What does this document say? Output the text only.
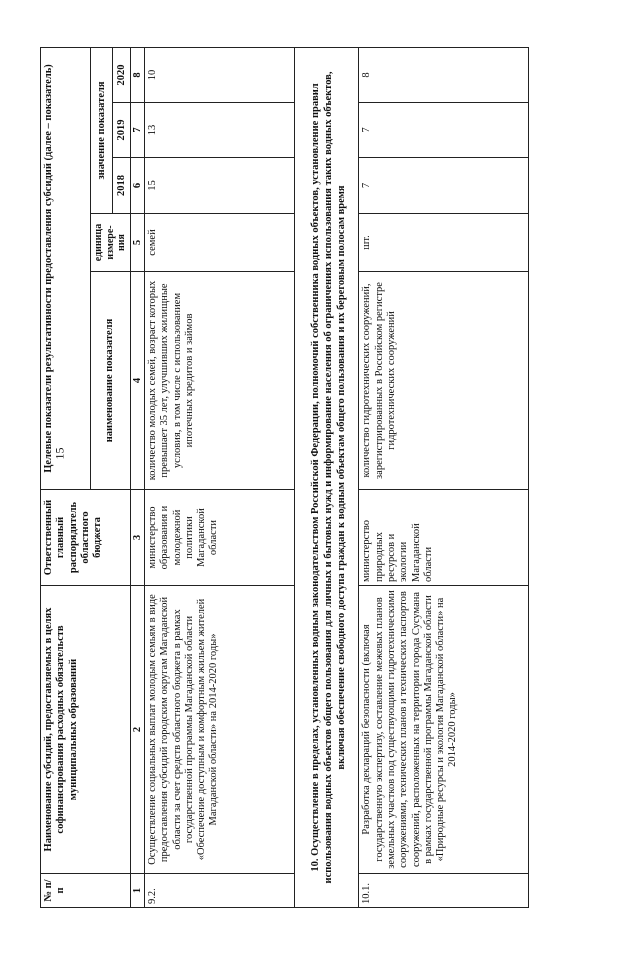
15
№ п/п	Наименование субсидий, предоставляемых в целях софинансирования расходных обязательств муниципальных образований	Ответственный главный распорядитель областного бюджета	Целевые показатели результативности предоставления субсидий (далее – показатель)				
			наименование показателя	единица измере-ния	значение показателя		
					2018	2019	2020
1	2	3	4	5	6	7	8
9.2.	Осуществление социальных выплат молодым семьям в виде предоставления субсидий городским округам Магаданской области за счет средств областного бюджета в рамках государственной программы Магаданской области «Обеспечение доступным и комфортным жильем жителей Магаданской области» на 2014-2020 годы»	министерство образования и молодежной политики Магаданской области	количество молодых семей, возраст которых превышает 35 лет, улучшивших жилищные условия, в том числе с использованием ипотечных кредитов и займов	семей	15	13	10
10. Осуществление в пределах, установленных водным законодательством Российской Федерации, полномочий собственника водных объектов, установление правил использования водных объектов общего пользования для личных и бытовых нужд и информирование населения об ограничениях использования таких водных объектов, включая обеспечение свободного доступа граждан к водным объектам общего пользования и их береговым полосам время							
10.1.	Разработка деклараций безопасности (включая государственную экспертизу, составление межевых планов земельных участков под существующими гидротехническими сооружениями, технических планов и технических паспортов сооружений, расположенных на территории города Сусумана в рамках государственной программы Магаданской области «Природные ресурсы и экология Магаданской области» на 2014-2020 годы»	министерство природных ресурсов и экологии Магаданской области	количество гидротехнических сооружений, зарегистрированных в Российском регистре гидротехнических сооружений	шт.	7	7	8
